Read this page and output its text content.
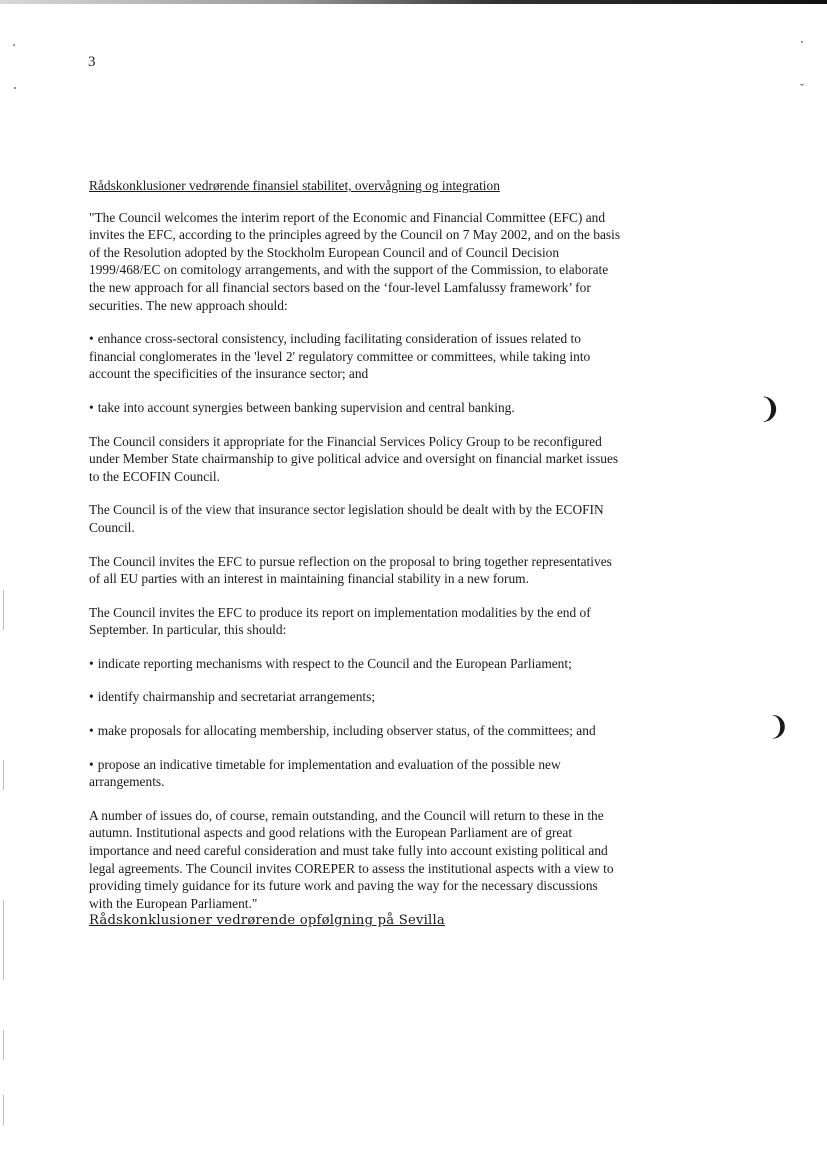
ˇ
❩
❩
3

Rådskonklusioner vedrørende finansiel stabilitet, overvågning og integration

"The Council welcomes the interim report of the Economic and Financial Committee (EFC) and invites the EFC, according to the principles agreed by the Council on 7 May 2002, and on the basis of the Resolution adopted by the Stockholm European Council and of Council Decision 1999/468/EC on comitology arrangements, and with the support of the Commission, to elaborate the new approach for all financial sectors based on the ‘four-level Lamfalussy framework’ for securities. The new approach should:

• enhance cross-sectoral consistency, including facilitating consideration of issues related to financial conglomerates in the 'level 2' regulatory committee or committees, while taking into account the specificities of the insurance sector; and

• take into account synergies between banking supervision and central banking.

The Council considers it appropriate for the Financial Services Policy Group to be reconfigured under Member State chairmanship to give political advice and oversight on financial market issues to the ECOFIN Council.

The Council is of the view that insurance sector legislation should be dealt with by the ECOFIN Council.

The Council invites the EFC to pursue reflection on the proposal to bring together representatives of all EU parties with an interest in maintaining financial stability in a new forum.

The Council invites the EFC to produce its report on implementation modalities by the end of September. In particular, this should:

• indicate reporting mechanisms with respect to the Council and the European Parliament;

• identify chairmanship and secretariat arrangements;

• make proposals for allocating membership, including observer status, of the committees; and

• propose an indicative timetable for implementation and evaluation of the possible new arrangements.

A number of issues do, of course, remain outstanding, and the Council will return to these in the autumn. Institutional aspects and good relations with the European Parliament are of great importance and need careful consideration and must take fully into account existing political and legal agreements. The Council invites COREPER to assess the institutional aspects with a view to providing timely guidance for its future work and paving the way for the necessary discussions with the European Parliament."

Rådskonklusioner vedrørende opfølgning på Sevilla
